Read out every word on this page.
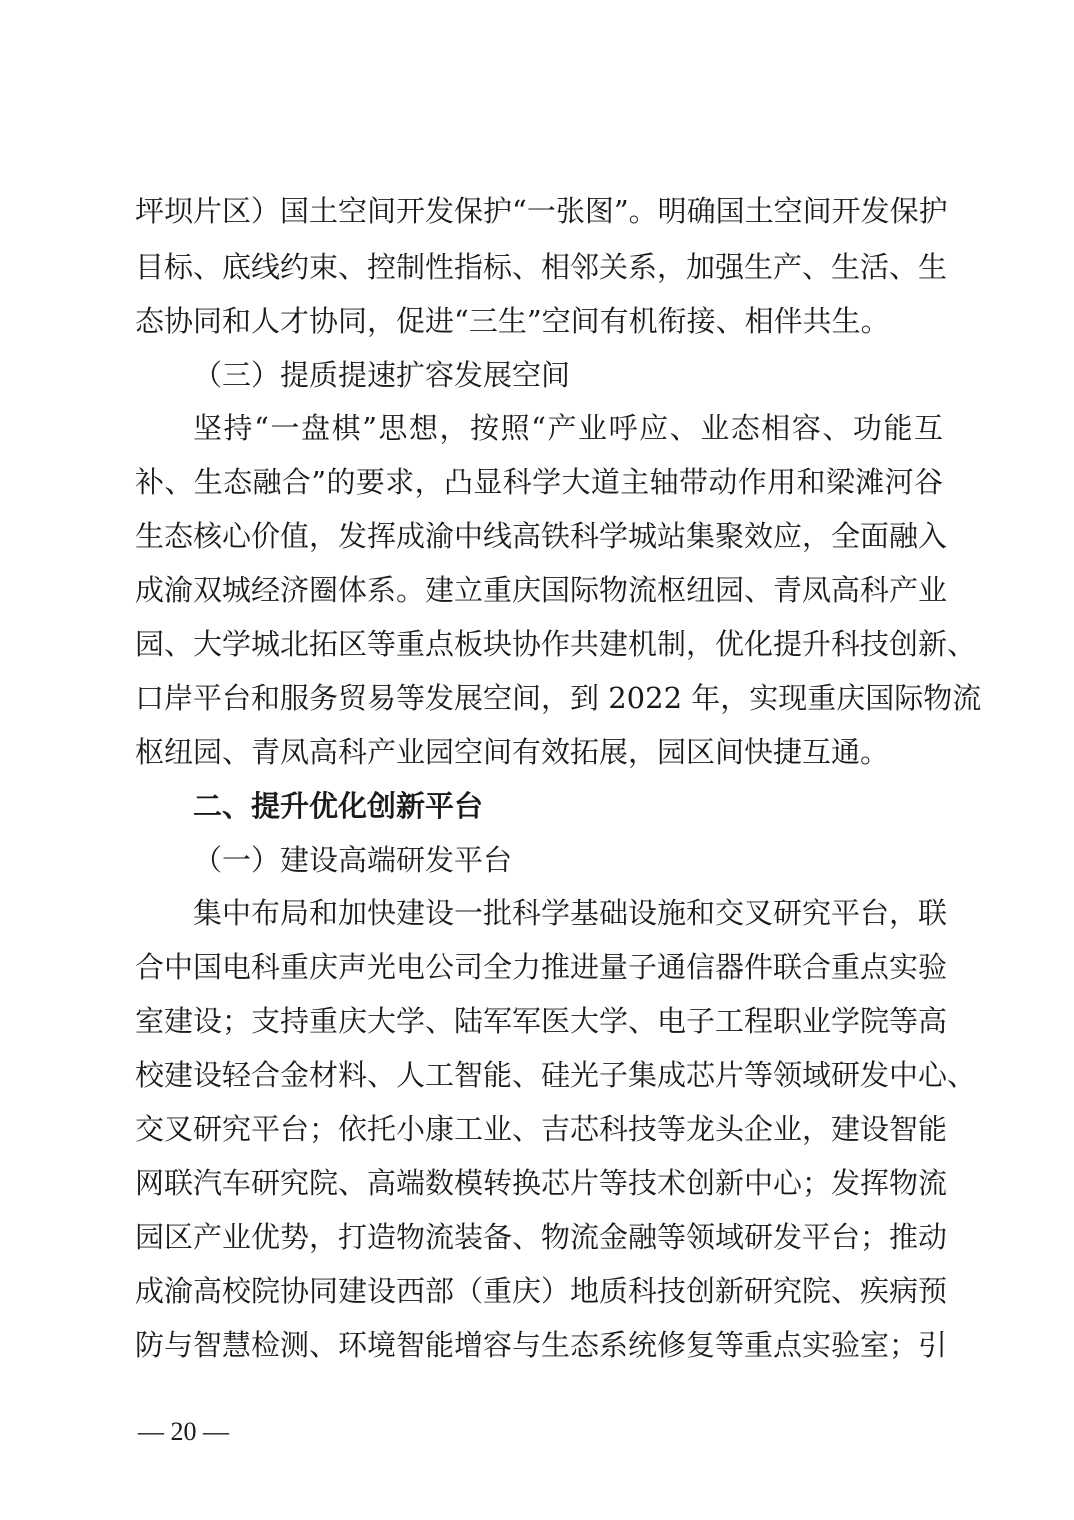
坪坝片区）国土空间开发保护“一张图”。明确国土空间开发保护
目标、底线约束、控制性指标、相邻关系，加强生产、生活、生
态协同和人才协同，促进“三生”空间有机衔接、相伴共生。
（三）提质提速扩容发展空间
坚持“一盘棋”思想，按照“产业呼应、业态相容、功能互
补、生态融合”的要求，凸显科学大道主轴带动作用和梁滩河谷
生态核心价值，发挥成渝中线高铁科学城站集聚效应，全面融入
成渝双城经济圈体系。建立重庆国际物流枢纽园、青凤高科产业
园、大学城北拓区等重点板块协作共建机制，优化提升科技创新、
口岸平台和服务贸易等发展空间，到 2022 年，实现重庆国际物流
枢纽园、青凤高科产业园空间有效拓展，园区间快捷互通。
二、提升优化创新平台
（一）建设高端研发平台
集中布局和加快建设一批科学基础设施和交叉研究平台，联
合中国电科重庆声光电公司全力推进量子通信器件联合重点实验
室建设；支持重庆大学、陆军军医大学、电子工程职业学院等高
校建设轻合金材料、人工智能、硅光子集成芯片等领域研发中心、
交叉研究平台；依托小康工业、吉芯科技等龙头企业，建设智能
网联汽车研究院、高端数模转换芯片等技术创新中心；发挥物流
园区产业优势，打造物流装备、物流金融等领域研发平台；推动
成渝高校院协同建设西部（重庆）地质科技创新研究院、疾病预
防与智慧检测、环境智能增容与生态系统修复等重点实验室；引
— 20 —
